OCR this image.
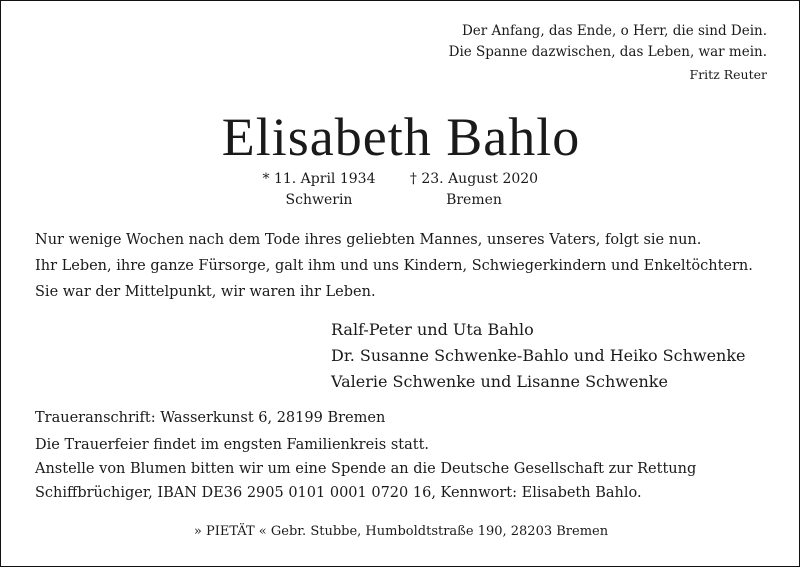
Der Anfang, das Ende, o Herr, die sind Dein.
Die Spanne dazwischen, das Leben, war mein.
Fritz Reuter
Elisabeth Bahlo
* 11. April 1934
Schwerin
† 23. August 2020
Bremen
Nur wenige Wochen nach dem Tode ihres geliebten Mannes, unseres Vaters, folgt sie nun.
Ihr Leben, ihre ganze Fürsorge, galt ihm und uns Kindern, Schwiegerkindern und Enkeltöchtern.
Sie war der Mittelpunkt, wir waren ihr Leben.
Ralf-Peter und Uta Bahlo
Dr. Susanne Schwenke-Bahlo und Heiko Schwenke
Valerie Schwenke und Lisanne Schwenke
Traueranschrift: Wasserkunst 6, 28199 Bremen
Die Trauerfeier findet im engsten Familienkreis statt.
Anstelle von Blumen bitten wir um eine Spende an die Deutsche Gesellschaft zur Rettung
Schiffbrüchiger, IBAN DE36 2905 0101 0001 0720 16, Kennwort: Elisabeth Bahlo.
» PIETÄT « Gebr. Stubbe, Humboldtstraße 190, 28203 Bremen
